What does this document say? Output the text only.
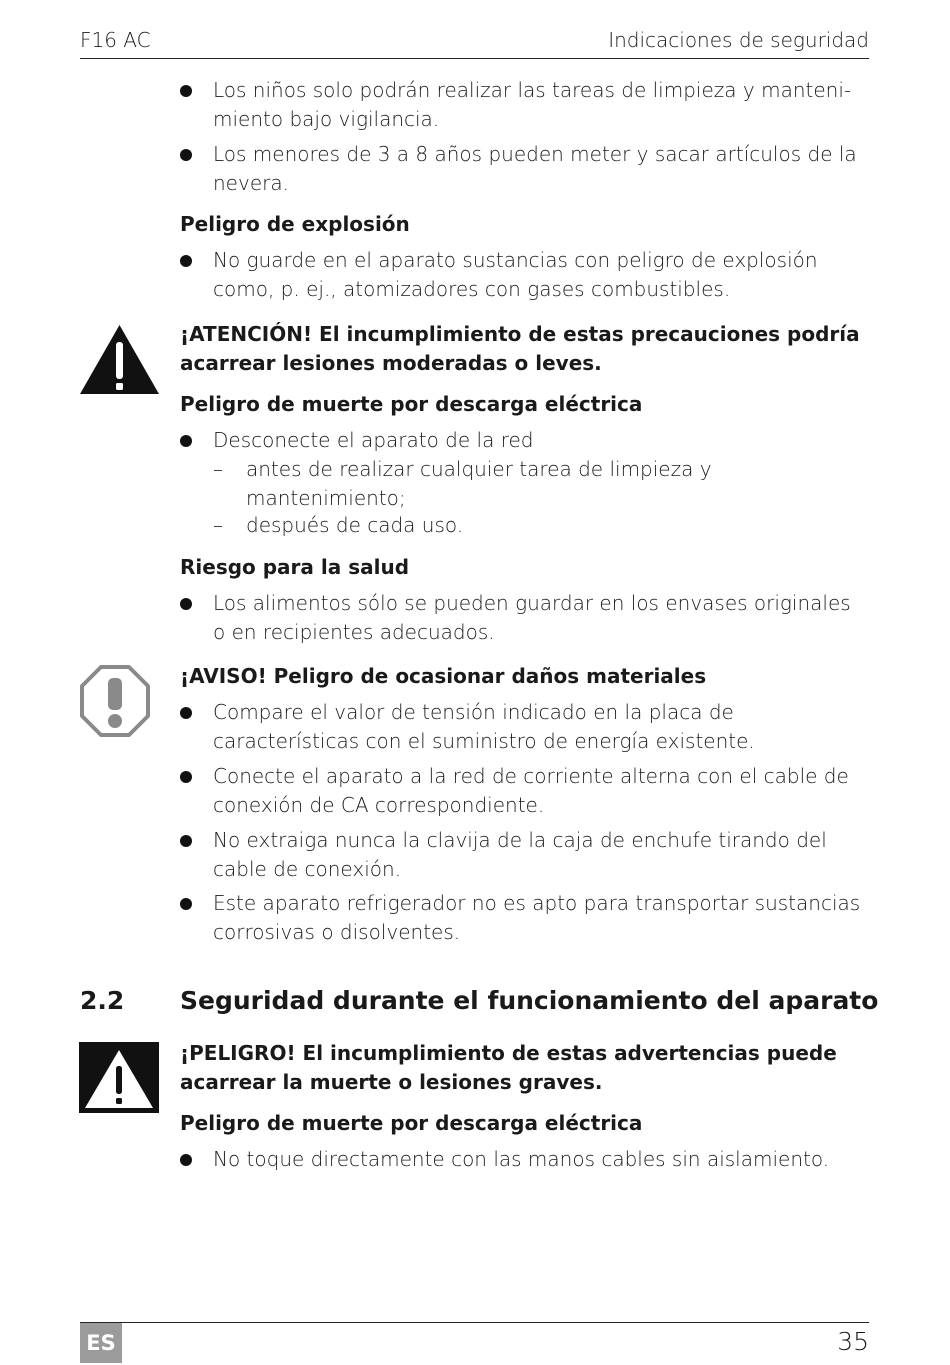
F16 AC	Indicaciones de seguridad
Los niños solo podrán realizar las tareas de limpieza y manteni-
miento bajo vigilancia.
Los menores de 3 a 8 años pueden meter y sacar artículos de la
nevera.
Peligro de explosión
No guarde en el aparato sustancias con peligro de explosión
como, p. ej., atomizadores con gases combustibles.
¡ATENCIÓN! El incumplimiento de estas precauciones podría
acarrear lesiones moderadas o leves.
Peligro de muerte por descarga eléctrica
Desconecte el aparato de la red
– antes de realizar cualquier tarea de limpieza y
mantenimiento;
– después de cada uso.
Riesgo para la salud
Los alimentos sólo se pueden guardar en los envases originales
o en recipientes adecuados.
¡AVISO! Peligro de ocasionar daños materiales
Compare el valor de tensión indicado en la placa de
características con el suministro de energía existente.
Conecte el aparato a la red de corriente alterna con el cable de
conexión de CA correspondiente.
No extraiga nunca la clavija de la caja de enchufe tirando del
cable de conexión.
Este aparato refrigerador no es apto para transportar sustancias
corrosivas o disolventes.
2.2 Seguridad durante el funcionamiento del aparato
¡PELIGRO! El incumplimiento de estas advertencias puede
acarrear la muerte o lesiones graves.
Peligro de muerte por descarga eléctrica
No toque directamente con las manos cables sin aislamiento.
ES	35
